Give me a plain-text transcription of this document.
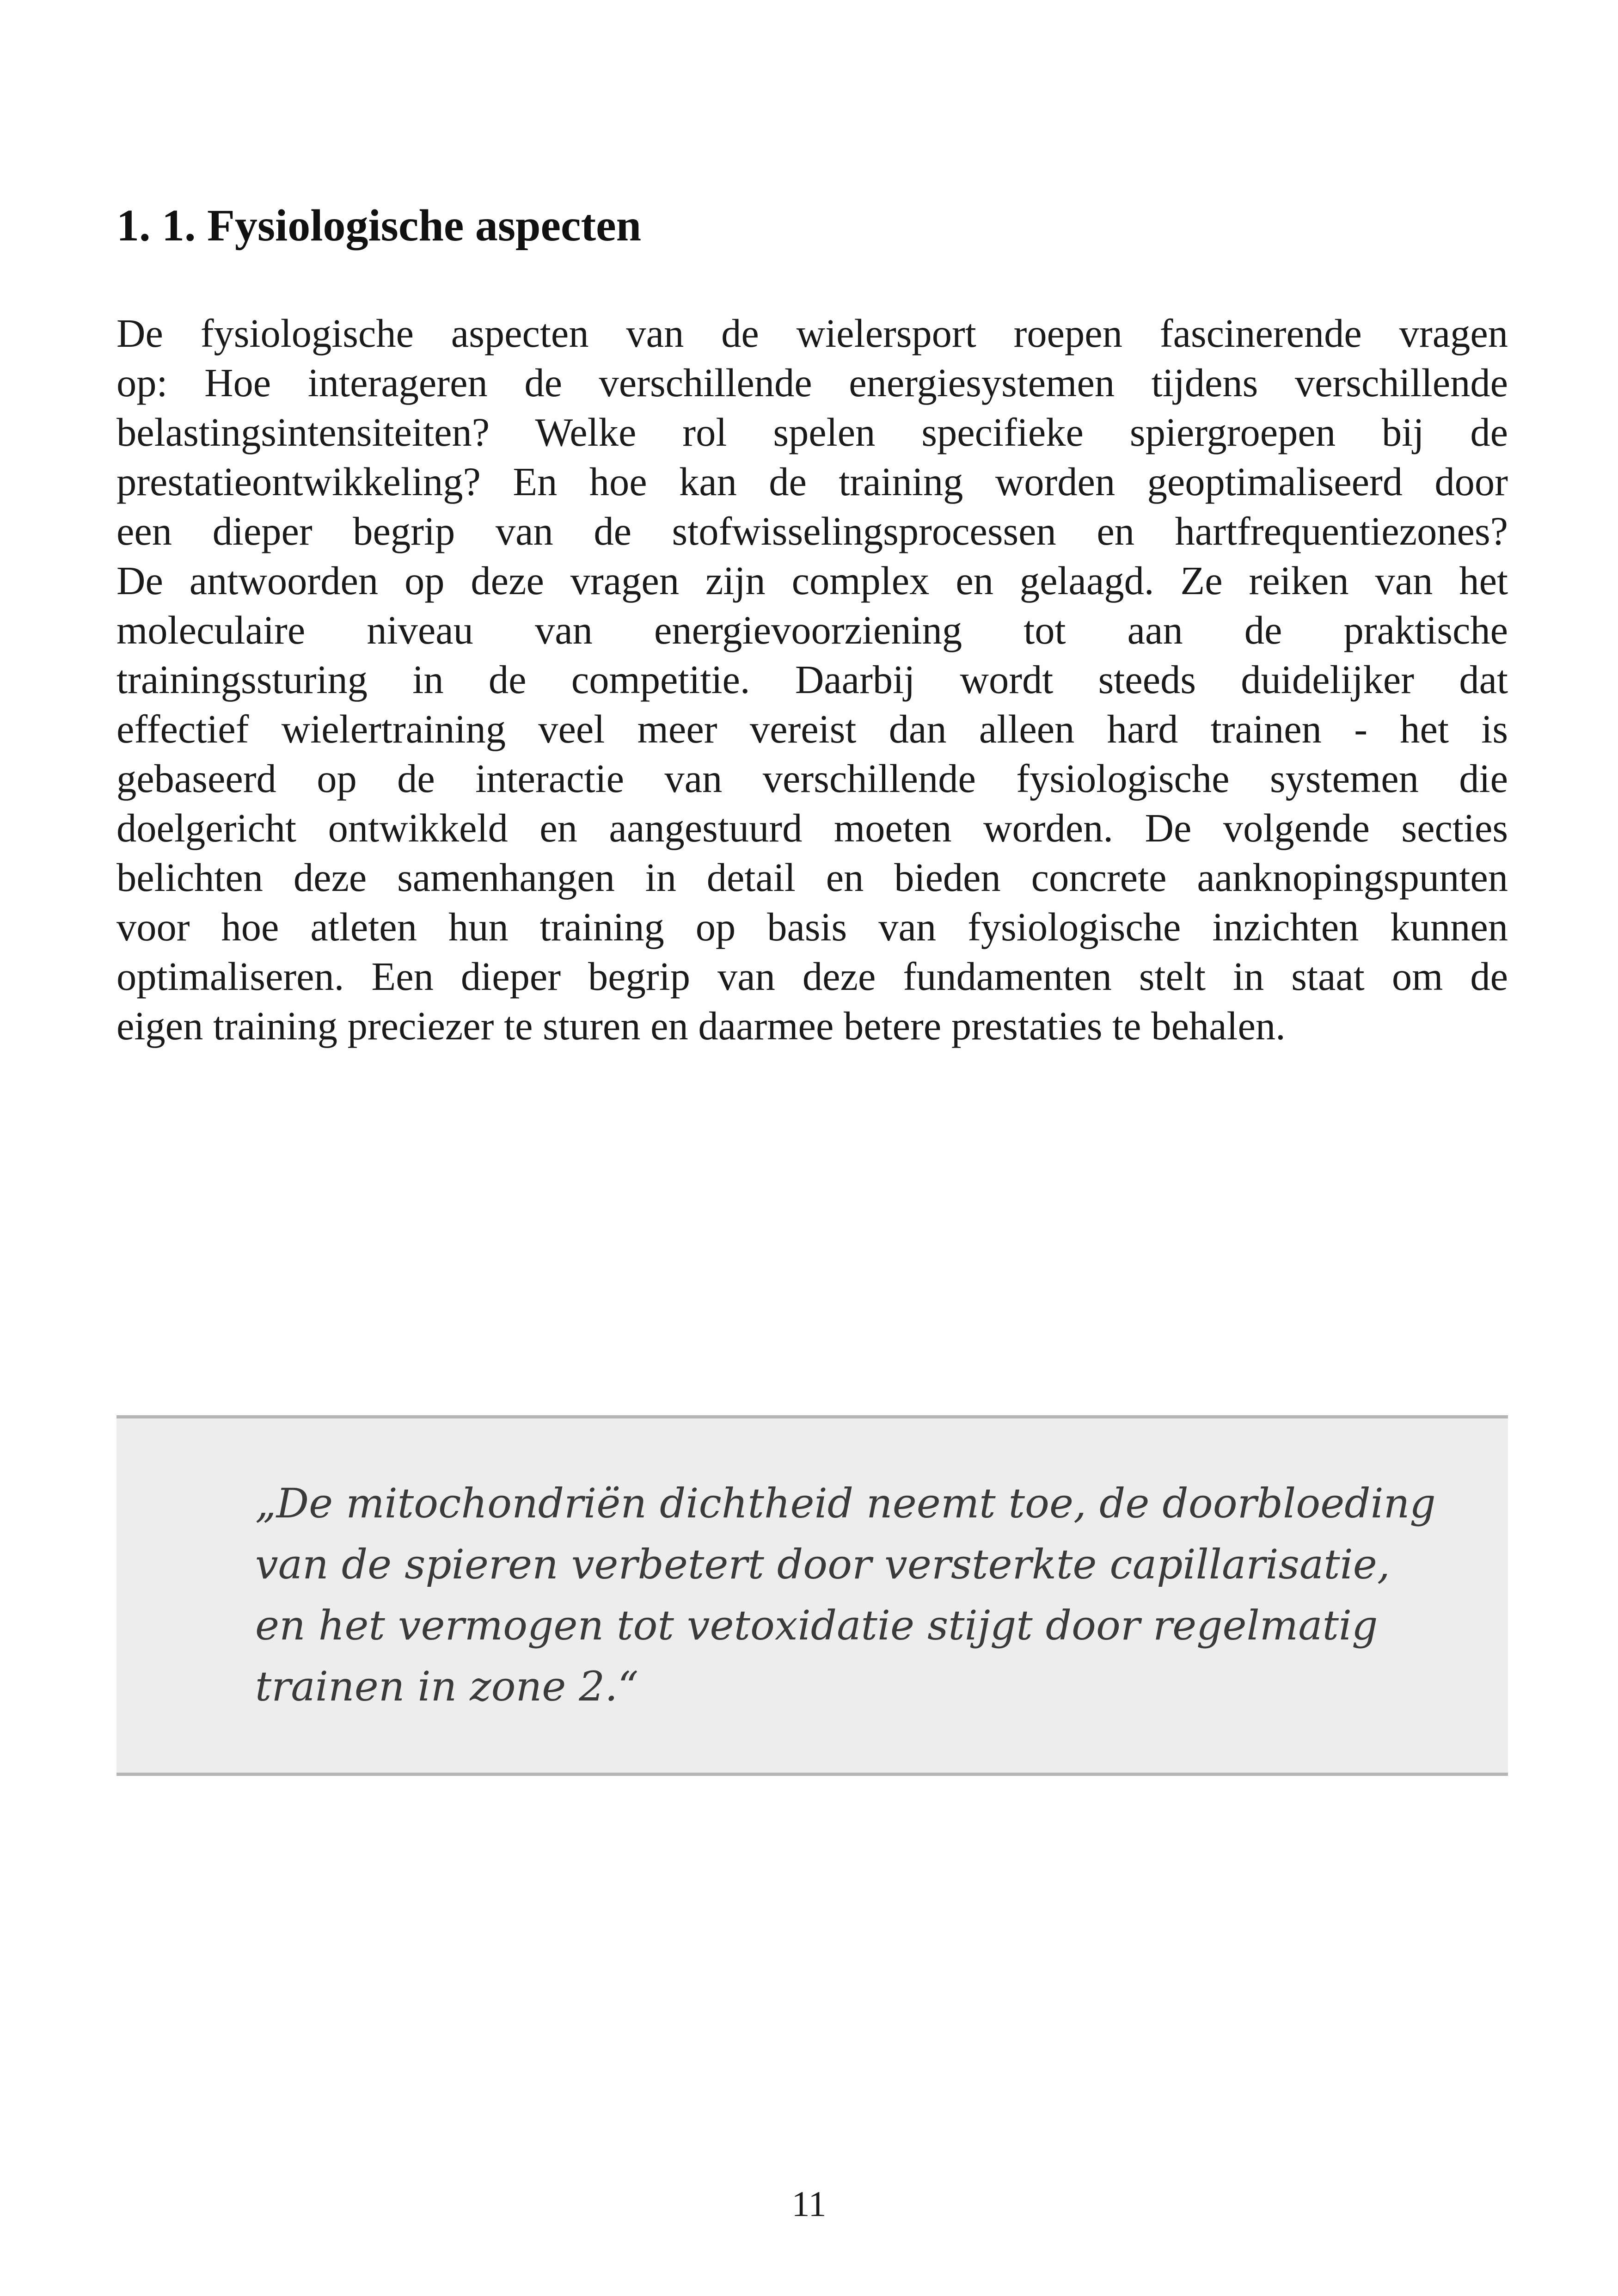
1. 1. Fysiologische aspecten

De fysiologische aspecten van de wielersport roepen fascinerende vragen
op: Hoe interageren de verschillende energiesystemen tijdens verschillende
belastingsintensiteiten? Welke rol spelen specifieke spiergroepen bij de
prestatieontwikkeling? En hoe kan de training worden geoptimaliseerd door
een dieper begrip van de stofwisselingsprocessen en hartfrequentiezones?
De antwoorden op deze vragen zijn complex en gelaagd. Ze reiken van het
moleculaire niveau van energievoorziening tot aan de praktische
trainingssturing in de competitie. Daarbij wordt steeds duidelijker dat
effectief wielertraining veel meer vereist dan alleen hard trainen - het is
gebaseerd op de interactie van verschillende fysiologische systemen die
doelgericht ontwikkeld en aangestuurd moeten worden. De volgende secties
belichten deze samenhangen in detail en bieden concrete aanknopingspunten
voor hoe atleten hun training op basis van fysiologische inzichten kunnen
optimaliseren. Een dieper begrip van deze fundamenten stelt in staat om de
eigen training preciezer te sturen en daarmee betere prestaties te behalen.

„De mitochondriën dichtheid neemt toe, de doorbloeding
van de spieren verbetert door versterkte capillarisatie,
en het vermogen tot vetoxidatie stijgt door regelmatig
trainen in zone 2.“

11
